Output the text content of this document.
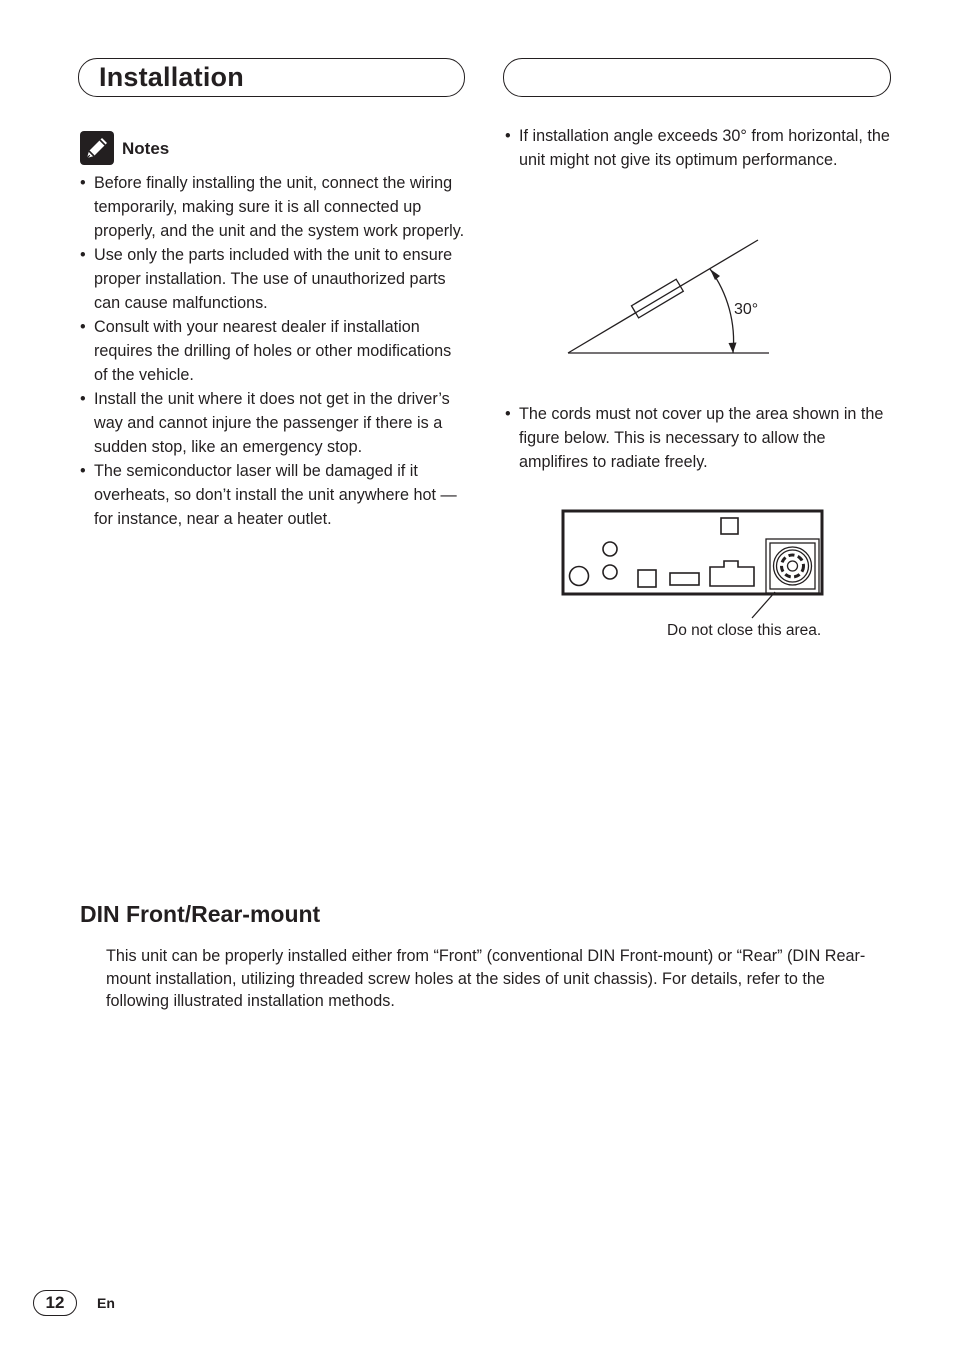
Installation
Notes
• Before finally installing the unit, connect the wiring temporarily, making sure it is all connected up properly, and the unit and the system work properly.
• Use only the parts included with the unit to ensure proper installation. The use of unauthorized parts can cause malfunctions.
• Consult with your nearest dealer if installation requires the drilling of holes or other modifications of the vehicle.
• Install the unit where it does not get in the driver’s way and cannot injure the passenger if there is a sudden stop, like an emergency stop.
• The semiconductor laser will be damaged if it overheats, so don’t install the unit anywhere hot — for instance, near a heater outlet.
• If installation angle exceeds 30° from horizontal, the unit might not give its optimum performance.
30°
• The cords must not cover up the area shown in the figure below. This is necessary to allow the amplifires to radiate freely.
Do not close this area.
DIN Front/Rear-mount

This unit can be properly installed either from “Front” (conventional DIN Front-mount) or “Rear” (DIN Rear-mount installation, utilizing threaded screw holes at the sides of unit chassis). For details, refer to the following illustrated installation methods.

12	En
